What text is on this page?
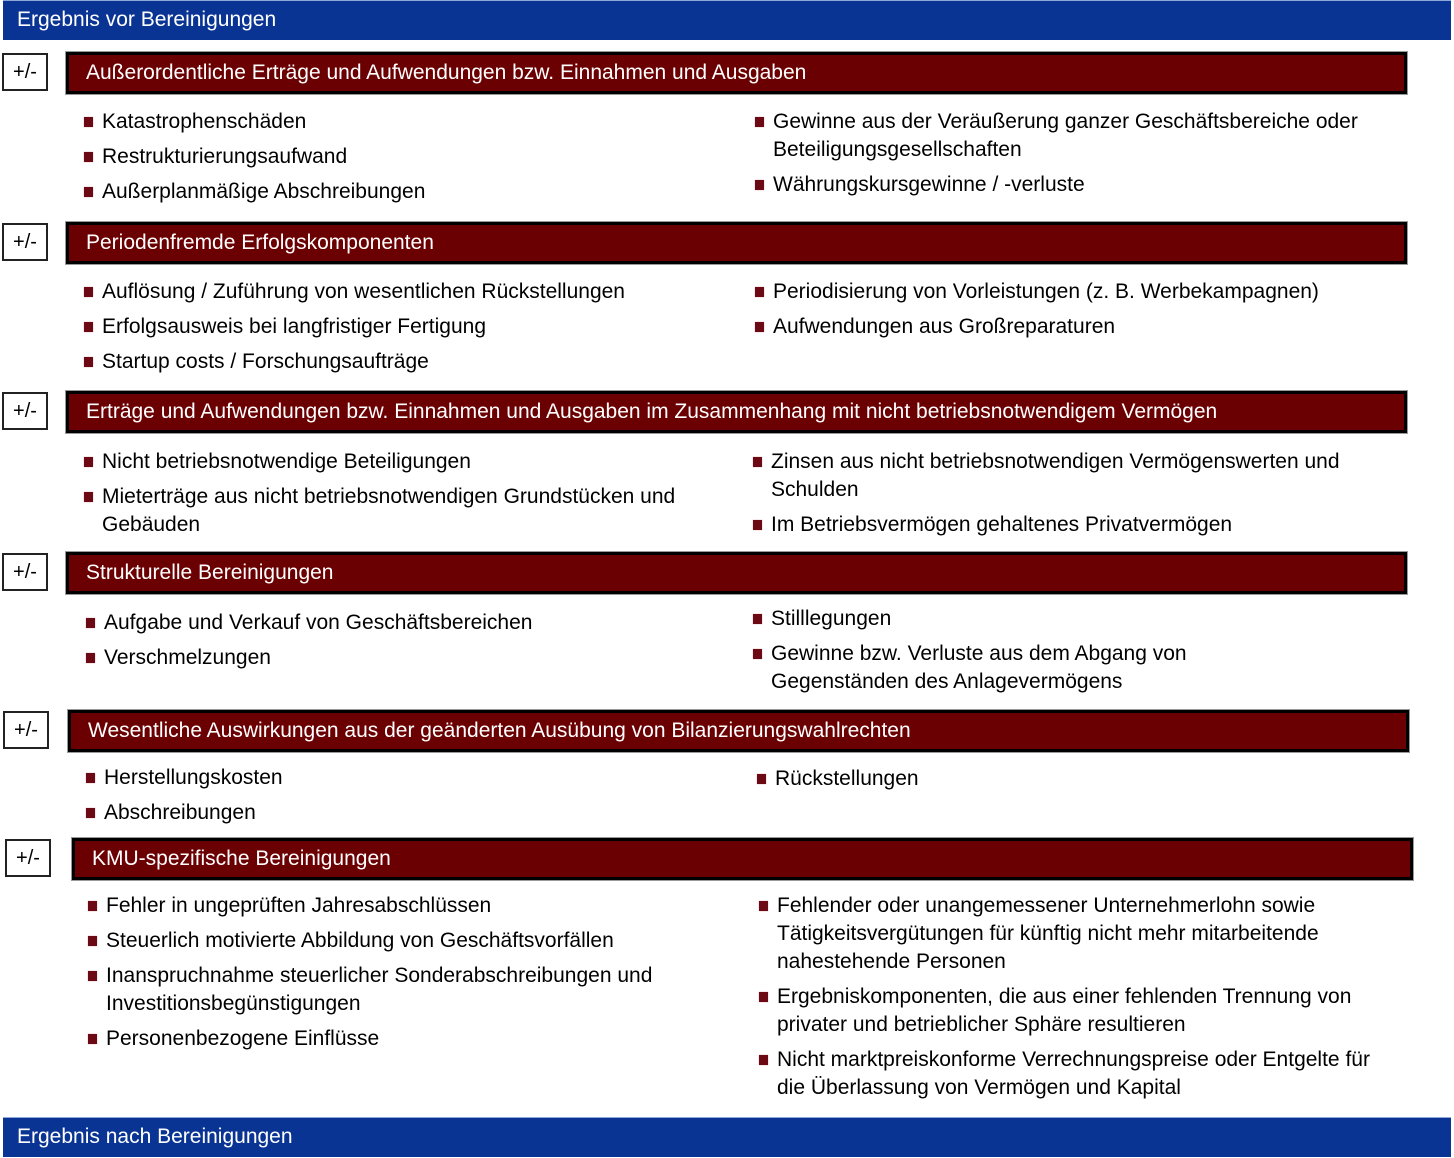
Ergebnis vor Bereinigungen
+/-	Außerordentliche Erträge und Aufwendungen bzw. Einnahmen und Ausgaben
Katastrophenschäden
Restrukturierungsaufwand
Außerplanmäßige Abschreibungen
Gewinne aus der Veräußerung ganzer Geschäftsbereiche oder Beteiligungsgesellschaften
Währungskursgewinne / -verluste
+/-	Periodenfremde Erfolgskomponenten
Auflösung / Zuführung von wesentlichen Rückstellungen
Erfolgsausweis bei langfristiger Fertigung
Startup costs / Forschungsaufträge
Periodisierung von Vorleistungen (z. B. Werbekampagnen)
Aufwendungen aus Großreparaturen
+/-	Erträge und Aufwendungen bzw. Einnahmen und Ausgaben im Zusammenhang mit nicht betriebsnotwendigem Vermögen
Nicht betriebsnotwendige Beteiligungen
Mieterträge aus nicht betriebsnotwendigen Grundstücken und Gebäuden
Zinsen aus nicht betriebsnotwendigen Vermögenswerten und Schulden
Im Betriebsvermögen gehaltenes Privatvermögen
+/-	Strukturelle Bereinigungen
Aufgabe und Verkauf von Geschäftsbereichen
Verschmelzungen
Stilllegungen
Gewinne bzw. Verluste aus dem Abgang von Gegenständen des Anlagevermögens
+/-	Wesentliche Auswirkungen aus der geänderten Ausübung von Bilanzierungswahlrechten
Herstellungskosten
Abschreibungen
Rückstellungen
+/-	KMU-spezifische Bereinigungen
Fehler in ungeprüften Jahresabschlüssen
Steuerlich motivierte Abbildung von Geschäftsvorfällen
Inanspruchnahme steuerlicher Sonderabschreibungen und Investitionsbegünstigungen
Personenbezogene Einflüsse
Fehlender oder unangemessener Unternehmerlohn sowie Tätigkeitsvergütungen für künftig nicht mehr mitarbeitende nahestehende Personen
Ergebniskomponenten, die aus einer fehlenden Trennung von privater und betrieblicher Sphäre resultieren
Nicht marktpreiskonforme Verrechnungspreise oder Entgelte für die Überlassung von Vermögen und Kapital
Ergebnis nach Bereinigungen
